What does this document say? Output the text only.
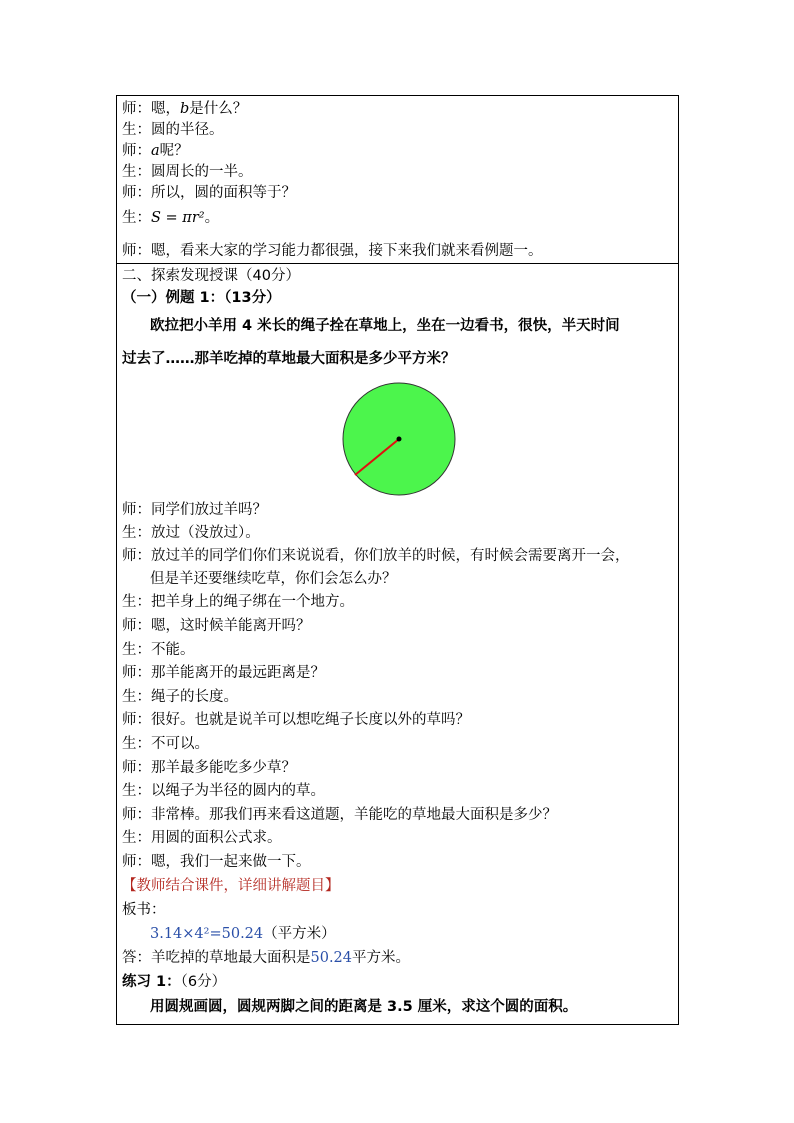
师：嗯，b是什么？
生：圆的半径。
师：a呢？
生：圆周长的一半。
师：所以，圆的面积等于？
生：S = πr²。
师：嗯，看来大家的学习能力都很强，接下来我们就来看例题一。
二、探索发现授课（40分）
（一）例题 1：（13分）
欧拉把小羊用 4 米长的绳子拴在草地上，坐在一边看书，很快，半天时间
过去了……那羊吃掉的草地最大面积是多少平方米？
师：同学们放过羊吗？
生：放过（没放过）。
师：放过羊的同学们你们来说说看，你们放羊的时候，有时候会需要离开一会，
但是羊还要继续吃草，你们会怎么办？
生：把羊身上的绳子绑在一个地方。
师：嗯，这时候羊能离开吗？
生：不能。
师：那羊能离开的最远距离是？
生：绳子的长度。
师：很好。也就是说羊可以想吃绳子长度以外的草吗？
生：不可以。
师：那羊最多能吃多少草？
生：以绳子为半径的圆内的草。
师：非常棒。那我们再来看这道题，羊能吃的草地最大面积是多少？
生：用圆的面积公式求。
师：嗯，我们一起来做一下。
【教师结合课件，详细讲解题目】
板书：
3.14×4²=50.24（平方米）
答：羊吃掉的草地最大面积是50.24平方米。
练习 1：（6分）
用圆规画圆，圆规两脚之间的距离是 3.5 厘米，求这个圆的面积。
